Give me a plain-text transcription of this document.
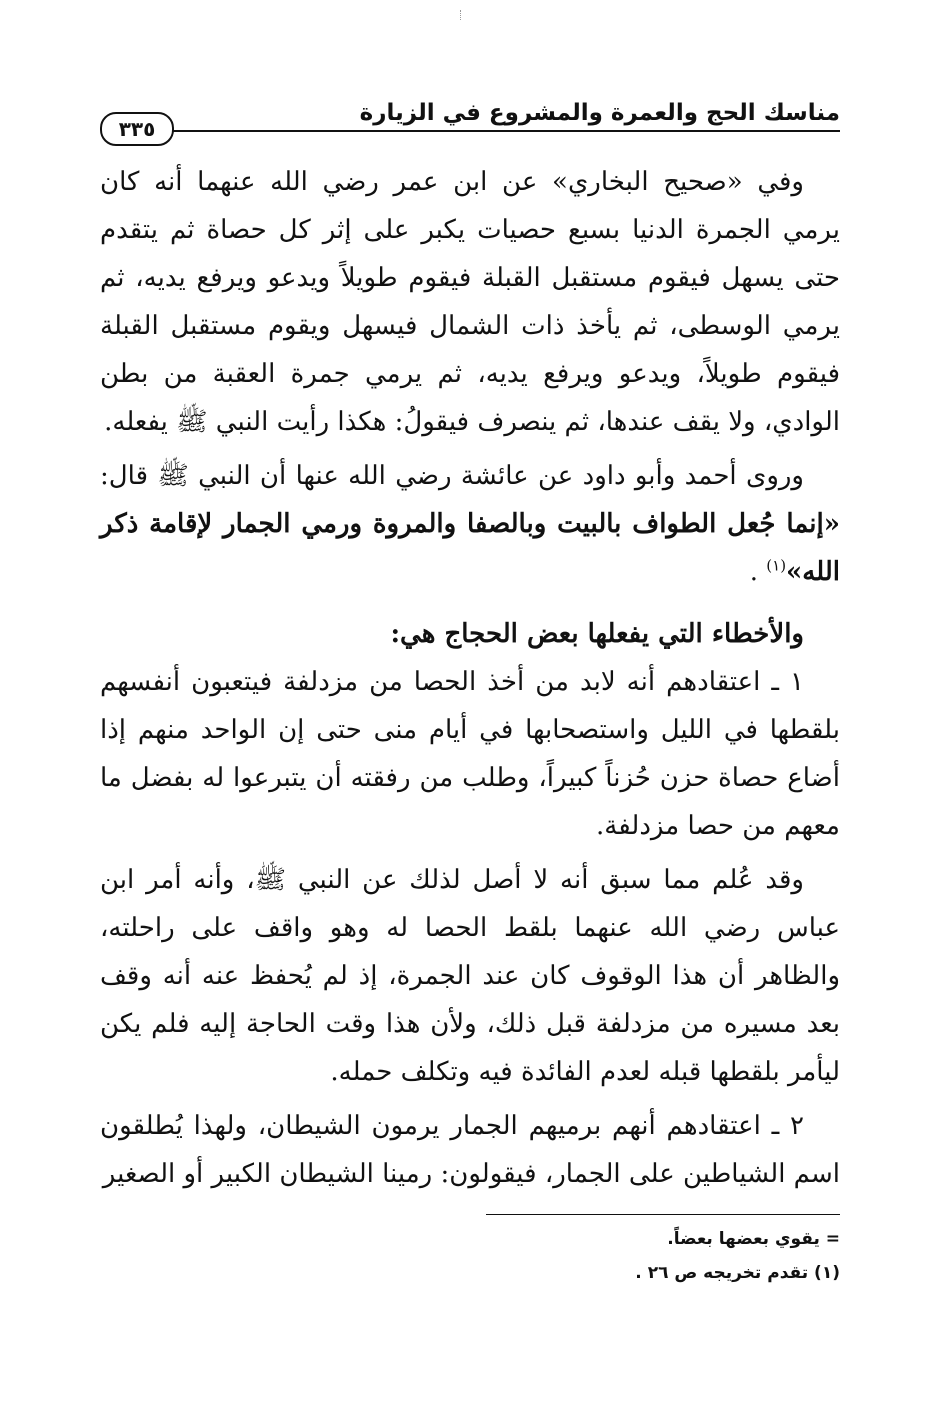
مناسك الحج والعمرة والمشروع في الزيارة
٣٣٥

وفي «صحيح البخاري» عن ابن عمر رضي الله عنهما أنه كان يرمي الجمرة الدنيا بسبع حصيات يكبر على إثر كل حصاة ثم يتقدم حتى يسهل فيقوم مستقبل القبلة فيقوم طويلاً ويدعو ويرفع يديه، ثم يرمي الوسطى، ثم يأخذ ذات الشمال فيسهل ويقوم مستقبل القبلة فيقوم طويلاً، ويدعو ويرفع يديه، ثم يرمي جمرة العقبة من بطن الوادي، ولا يقف عندها، ثم ينصرف فيقولُ: هكذا رأيت النبي ﷺ يفعله.

وروى أحمد وأبو داود عن عائشة رضي الله عنها أن النبي ﷺ قال: «إنما جُعل الطواف بالبيت وبالصفا والمروة ورمي الجمار لإقامة ذكر الله»$^{(١)}$ .

والأخطاء التي يفعلها بعض الحجاج هي:

١ ـ اعتقادهم أنه لابد من أخذ الحصا من مزدلفة فيتعبون أنفسهم بلقطها في الليل واستصحابها في أيام منى حتى إن الواحد منهم إذا أضاع حصاة حزن حُزناً كبيراً، وطلب من رفقته أن يتبرعوا له بفضل ما معهم من حصا مزدلفة.

وقد عُلم مما سبق أنه لا أصل لذلك عن النبي ﷺ، وأنه أمر ابن عباس رضي الله عنهما بلقط الحصا له وهو واقف على راحلته، والظاهر أن هذا الوقوف كان عند الجمرة، إذ لم يُحفظ عنه أنه وقف بعد مسيره من مزدلفة قبل ذلك، ولأن هذا وقت الحاجة إليه فلم يكن ليأمر بلقطها قبله لعدم الفائدة فيه وتكلف حمله.

٢ ـ اعتقادهم أنهم برميهم الجمار يرمون الشيطان، ولهذا يُطلقون اسم الشياطين على الجمار، فيقولون: رمينا الشيطان الكبير أو الصغير

= يقوي بعضها بعضاً.

(١) تقدم تخريجه ص ٢٦ .
